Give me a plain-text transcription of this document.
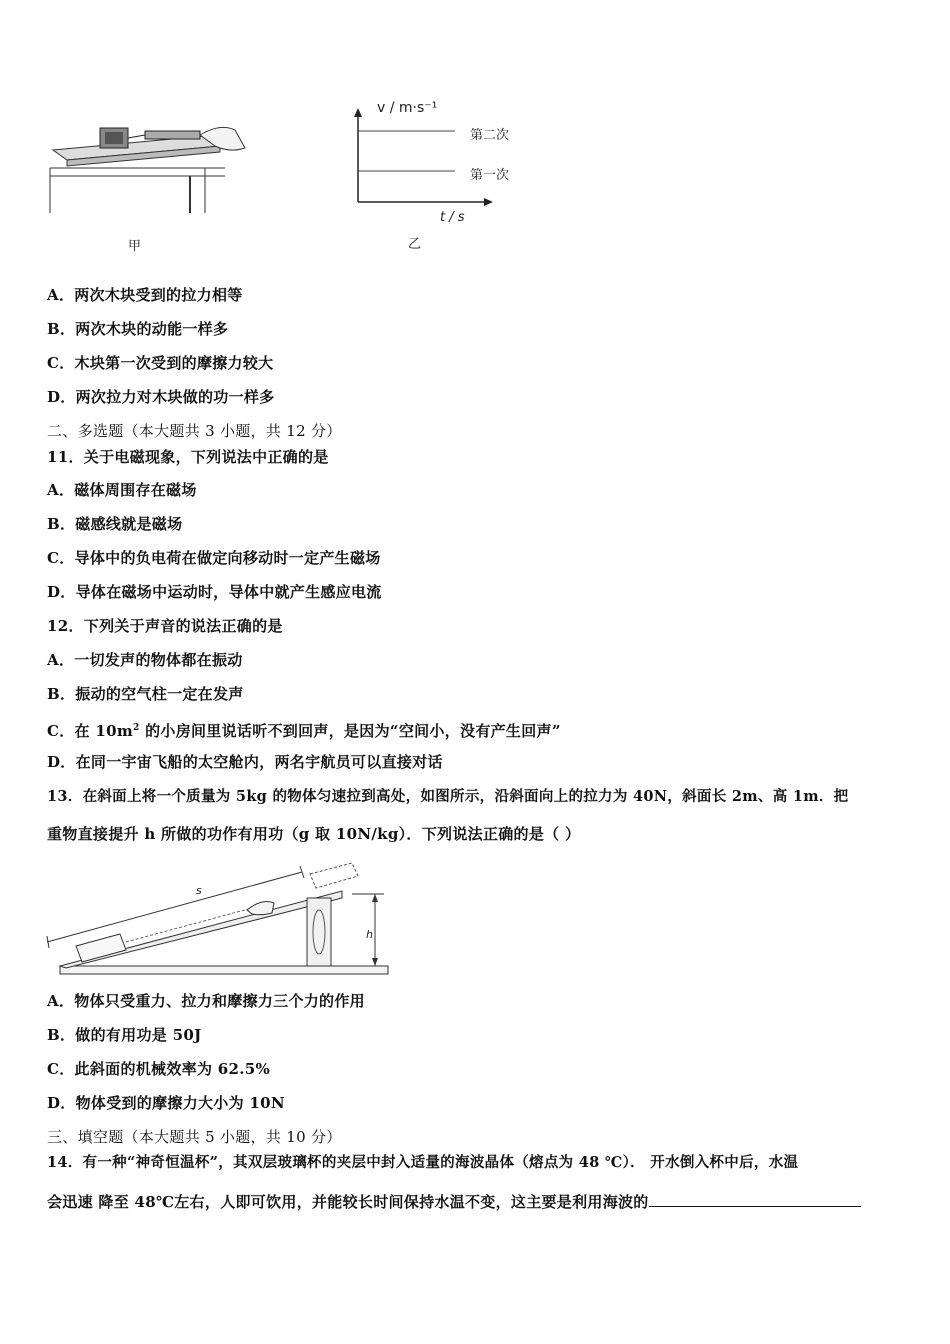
甲
v / m·s⁻¹
第二次
第一次
t / s
乙
A．两次木块受到的拉力相等
B．两次木块的动能一样多
C．木块第一次受到的摩擦力较大
D．两次拉力对木块做的功一样多
二、多选题（本大题共 3 小题，共 12 分）
11．关于电磁现象，下列说法中正确的是
A．磁体周围存在磁场
B．磁感线就是磁场
C．导体中的负电荷在做定向移动时一定产生磁场
D．导体在磁场中运动时，导体中就产生感应电流
12．下列关于声音的说法正确的是
A．一切发声的物体都在振动
B．振动的空气柱一定在发声
C．在 $10m^2$ 的小房间里说话听不到回声，是因为“空间小，没有产生回声”
D．在同一宇宙飞船的太空舱内，两名宇航员可以直接对话
13．在斜面上将一个质量为 5kg 的物体匀速拉到高处，如图所示，沿斜面向上的拉力为 40N，斜面长 2m、高 1m．把
重物直接提升 h 所做的功作有用功（g 取 10N/kg）．下列说法正确的是（ ）
s
h
A．物体只受重力、拉力和摩擦力三个力的作用
B．做的有用功是 50J
C．此斜面的机械效率为 62.5%
D．物体受到的摩擦力大小为 10N
三、填空题（本大题共 5 小题，共 10 分）
14．有一种“神奇恒温杯”，其双层玻璃杯的夹层中封入适量的海波晶体（熔点为 48 ℃）． 开水倒入杯中后，水温
会迅速 降至 48℃左右，人即可饮用，并能较长时间保持水温不变，这主要是利用海波的
